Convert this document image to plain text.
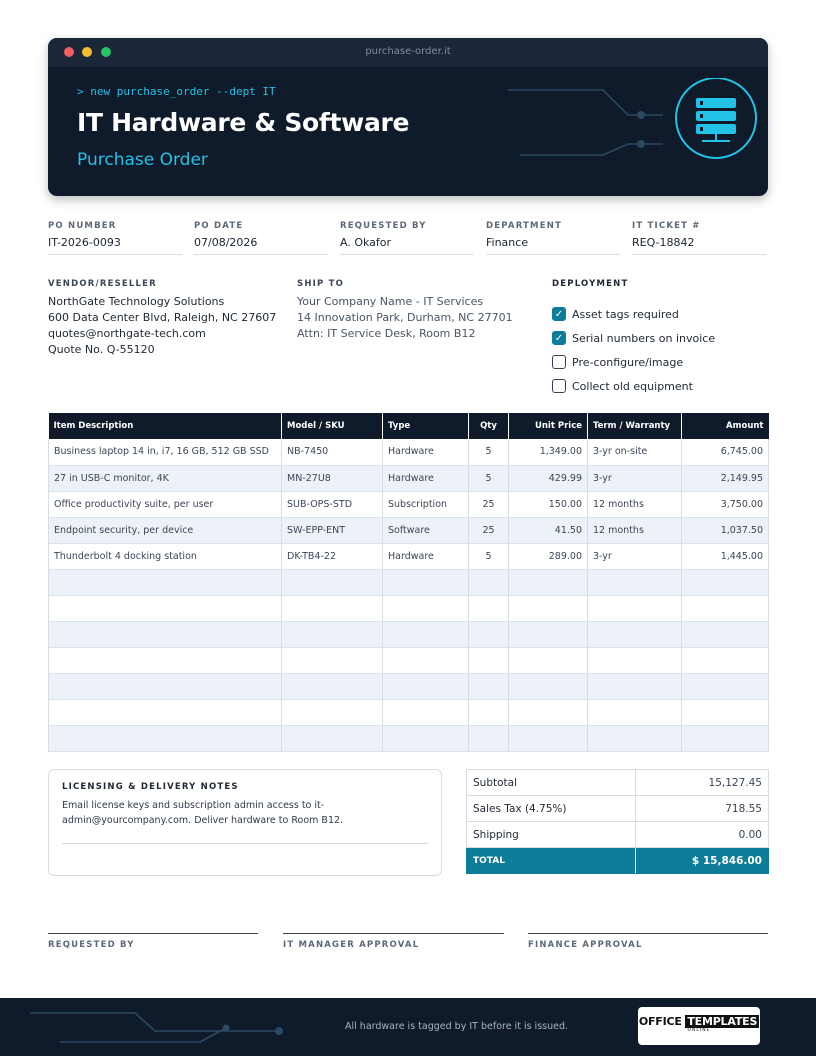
purchase-order.it
> new purchase_order --dept IT
IT Hardware & Software
Purchase Order
PO NUMBER
IT-2026-0093
PO DATE
07/08/2026
REQUESTED BY
A. Okafor
DEPARTMENT
Finance
IT TICKET #
REQ-18842
VENDOR/RESELLER
NorthGate Technology Solutions
600 Data Center Blvd, Raleigh, NC 27607
quotes@northgate-tech.com
Quote No. Q-55120
SHIP TO
Your Company Name - IT Services
14 Innovation Park, Durham, NC 27701
Attn: IT Service Desk, Room B12
DEPLOYMENT
✓ Asset tags required
✓ Serial numbers on invoice
Pre-configure/image
Collect old equipment
Item Description	Model / SKU	Type	Qty	Unit Price	Term / Warranty	Amount
Business laptop 14 in, i7, 16 GB, 512 GB SSD	NB-7450	Hardware	5	1,349.00	3-yr on-site	6,745.00
27 in USB-C monitor, 4K	MN-27U8	Hardware	5	429.99	3-yr	2,149.95
Office productivity suite, per user	SUB-OPS-STD	Subscription	25	150.00	12 months	3,750.00
Endpoint security, per device	SW-EPP-ENT	Software	25	41.50	12 months	1,037.50
Thunderbolt 4 docking station	DK-TB4-22	Hardware	5	289.00	3-yr	1,445.00

LICENSING & DELIVERY NOTES
Email license keys and subscription admin access to it-admin@yourcompany.com. Deliver hardware to Room B12.
Subtotal	15,127.45
Sales Tax (4.75%)	718.55
Shipping	0.00
TOTAL	$ 15,846.00
REQUESTED BY	IT MANAGER APPROVAL	FINANCE APPROVAL
All hardware is tagged by IT before it is issued.	OFFICE TEMPLATES
ONLINE
